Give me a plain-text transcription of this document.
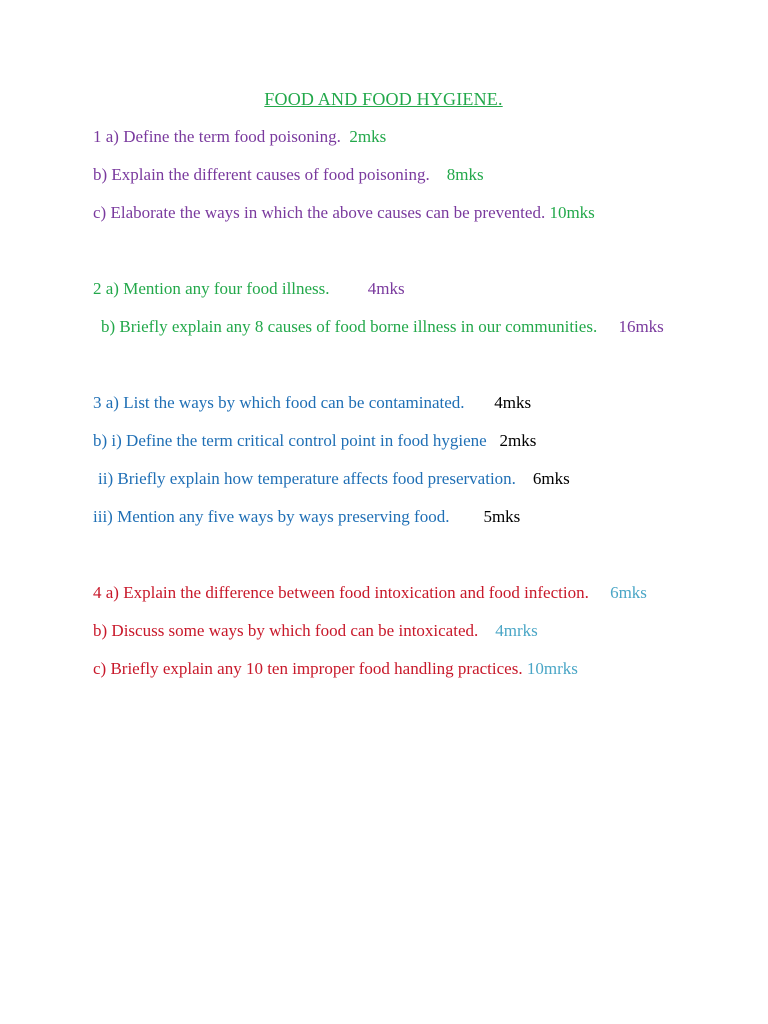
FOOD AND FOOD HYGIENE.
1 a) Define the term food poisoning. 2mks
b) Explain the different causes of food poisoning. 8mks
c) Elaborate the ways in which the above causes can be prevented. 10mks
2 a) Mention any four food illness. 4mks
b) Briefly explain any 8 causes of food borne illness in our communities. 16mks
3 a) List the ways by which food can be contaminated. 4mks
b) i) Define the term critical control point in food hygiene 2mks
ii) Briefly explain how temperature affects food preservation. 6mks
iii) Mention any five ways by ways preserving food. 5mks
4 a) Explain the difference between food intoxication and food infection. 6mks
b) Discuss some ways by which food can be intoxicated. 4mrks
c) Briefly explain any 10 ten improper food handling practices. 10mrks
